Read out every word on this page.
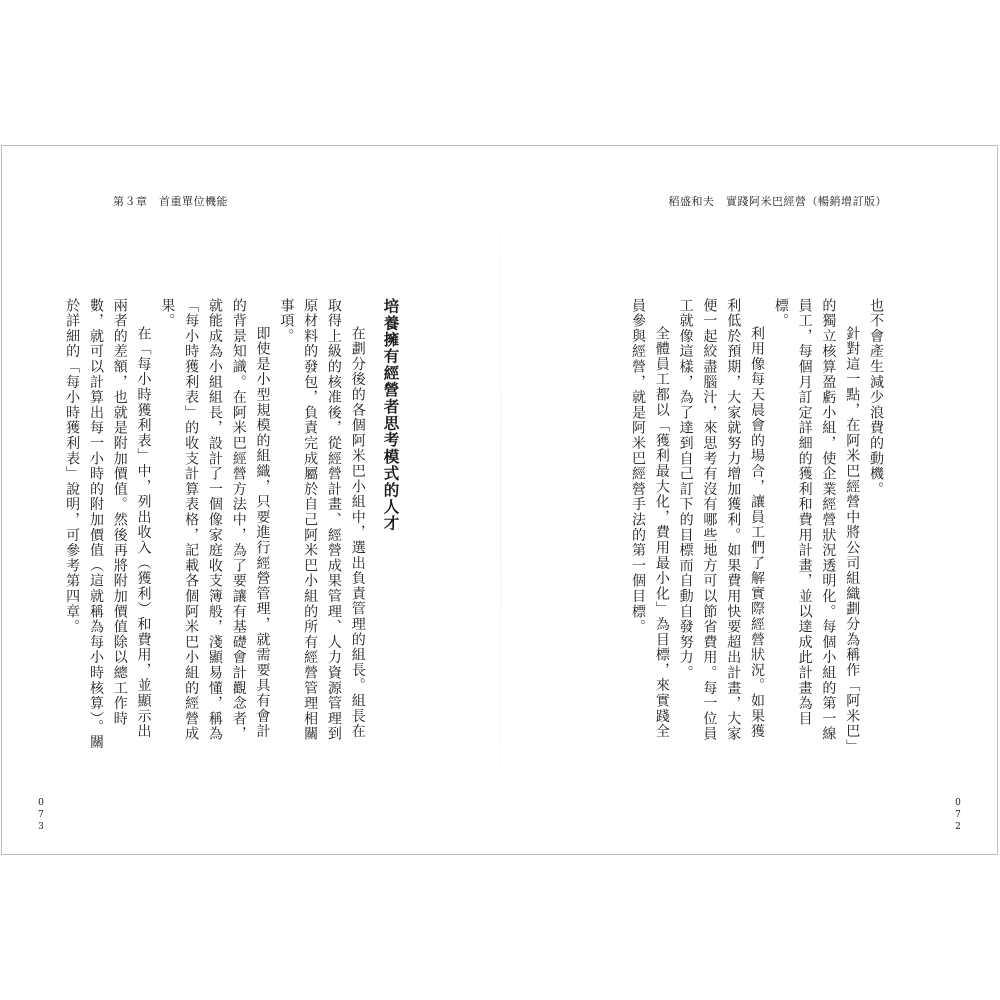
第３章　首重單位機能
培養擁有經營者思考模式的人才

在劃分後的各個阿米巴小組中，選出負責管理的組長。組長在取得上級的核准後，從經營計畫、經營成果管理、人力資源管理到原材料的發包，負責完成屬於自己阿米巴小組的所有經營管理相關事項。

即使是小型規模的組織，只要進行經營管理，就需要具有會計的背景知識。在阿米巴經營方法中，為了要讓有基礎會計觀念者，就能成為小組組長，設計了一個像家庭收支簿般，淺顯易懂，稱為「每小時獲利表」的收支計算表格，記載各個阿米巴小組的經營成果。

在「每小時獲利表」中，列出收入（獲利）和費用，並顯示出兩者的差額，也就是附加價值。然後再將附加價值除以總工作時數，就可以計算出每一小時的附加價值（這就稱為每小時核算）。關於詳細的「每小時獲利表」說明，可參考第四章。

073
稻盛和夫　實踐阿米巴經營（暢銷增訂版）

也不會產生減少浪費的動機。

針對這一點，在阿米巴經營中將公司組織劃分為稱作「阿米巴」的獨立核算盈虧小組，使企業經營狀況透明化。每個小組的第一線員工，每個月訂定詳細的獲利和費用計畫，並以達成此計畫為目標。

利用像每天晨會的場合，讓員工們了解實際經營狀況。如果獲利低於預期，大家就努力增加獲利。如果費用快要超出計畫，大家便一起絞盡腦汁，來思考有沒有哪些地方可以節省費用。每一位員工就像這樣，為了達到自己訂下的目標而自動自發努力。

全體員工都以「獲利最大化，費用最小化」為目標，來實踐全員參與經營，就是阿米巴經營手法的第一個目標。

072
